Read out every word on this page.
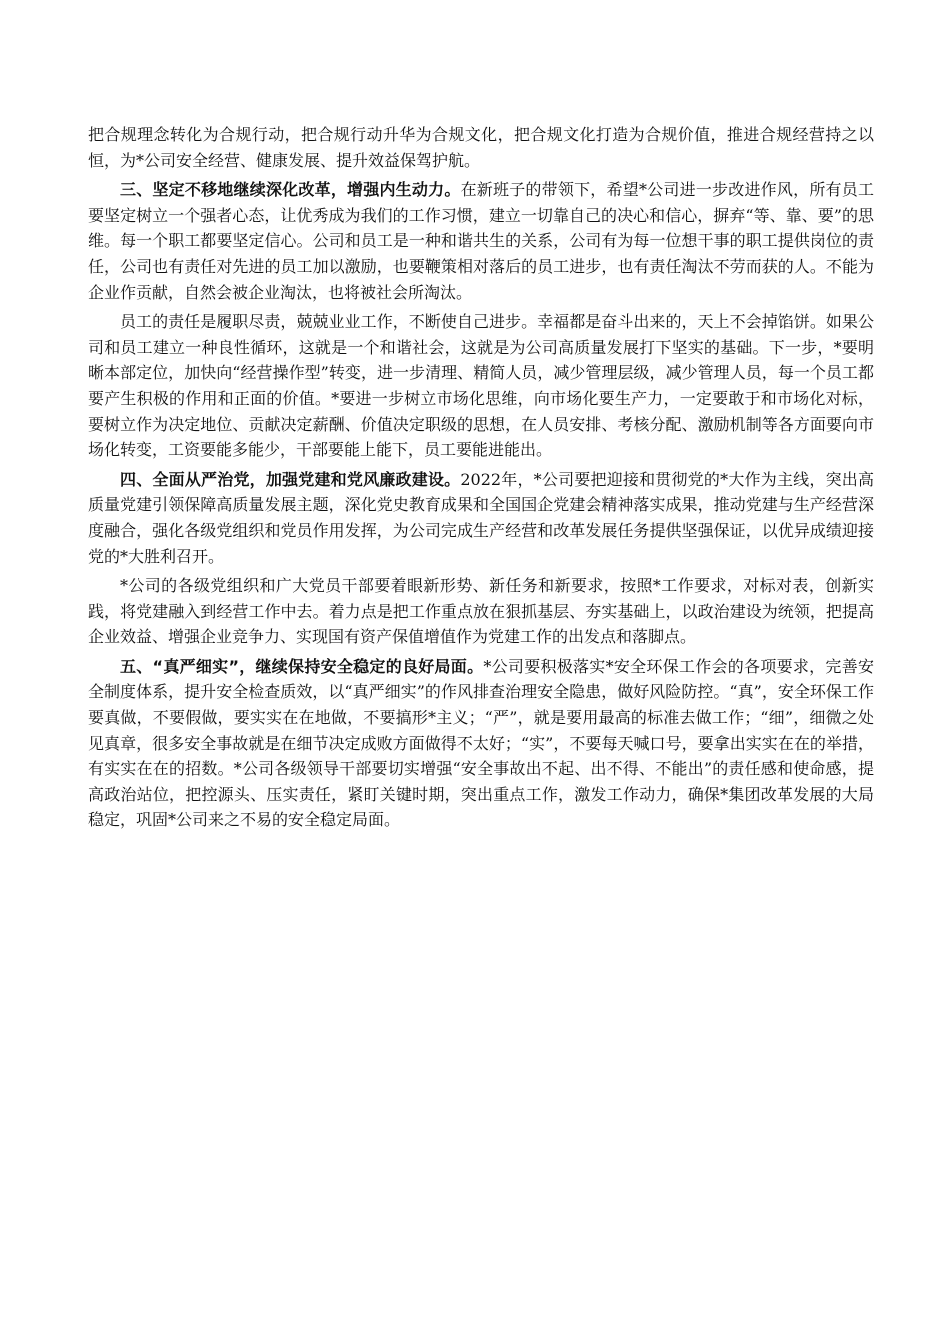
把合规理念转化为合规行动，把合规行动升华为合规文化，把合规文化打造为合规价值，推进合规经营持之以恒，为*公司安全经营、健康发展、提升效益保驾护航。

三、坚定不移地继续深化改革，增强内生动力。在新班子的带领下，希望*公司进一步改进作风，所有员工要坚定树立一个强者心态，让优秀成为我们的工作习惯，建立一切靠自己的决心和信心，摒弃“等、靠、要”的思维。每一个职工都要坚定信心。公司和员工是一种和谐共生的关系，公司有为每一位想干事的职工提供岗位的责任，公司也有责任对先进的员工加以激励，也要鞭策相对落后的员工进步，也有责任淘汰不劳而获的人。不能为企业作贡献，自然会被企业淘汰，也将被社会所淘汰。

员工的责任是履职尽责，兢兢业业工作，不断使自己进步。幸福都是奋斗出来的，天上不会掉馅饼。如果公司和员工建立一种良性循环，这就是一个和谐社会，这就是为公司高质量发展打下坚实的基础。下一步，*要明晰本部定位，加快向“经营操作型”转变，进一步清理、精简人员，减少管理层级，减少管理人员，每一个员工都要产生积极的作用和正面的价值。*要进一步树立市场化思维，向市场化要生产力，一定要敢于和市场化对标，要树立作为决定地位、贡献决定薪酬、价值决定职级的思想，在人员安排、考核分配、激励机制等各方面要向市场化转变，工资要能多能少，干部要能上能下，员工要能进能出。

四、全面从严治党，加强党建和党风廉政建设。2022年，*公司要把迎接和贯彻党的*大作为主线，突出高质量党建引领保障高质量发展主题，深化党史教育成果和全国国企党建会精神落实成果，推动党建与生产经营深度融合，强化各级党组织和党员作用发挥，为公司完成生产经营和改革发展任务提供坚强保证，以优异成绩迎接党的*大胜利召开。

*公司的各级党组织和广大党员干部要着眼新形势、新任务和新要求，按照*工作要求，对标对表，创新实践，将党建融入到经营工作中去。着力点是把工作重点放在狠抓基层、夯实基础上，以政治建设为统领，把提高企业效益、增强企业竞争力、实现国有资产保值增值作为党建工作的出发点和落脚点。

五、“真严细实”，继续保持安全稳定的良好局面。*公司要积极落实*安全环保工作会的各项要求，完善安全制度体系，提升安全检查质效，以“真严细实”的作风排查治理安全隐患，做好风险防控。“真”，安全环保工作要真做，不要假做，要实实在在地做，不要搞形*主义；“严”，就是要用最高的标准去做工作；“细”，细微之处见真章，很多安全事故就是在细节决定成败方面做得不太好；“实”，不要每天喊口号，要拿出实实在在的举措，有实实在在的招数。*公司各级领导干部要切实增强“安全事故出不起、出不得、不能出”的责任感和使命感，提高政治站位，把控源头、压实责任，紧盯关键时期，突出重点工作，激发工作动力，确保*集团改革发展的大局稳定，巩固*公司来之不易的安全稳定局面。
